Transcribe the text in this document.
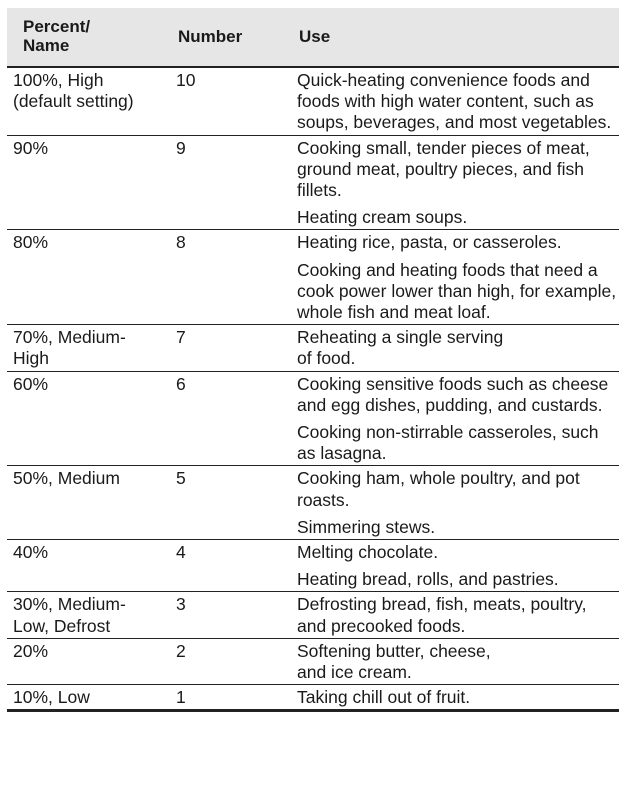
Percent/
Name	Number	Use
100%, High
(default setting)	10	Quick-heating convenience foods and foods with high water content, such as soups, beverages, and most vegetables.

90%	9	Cooking small, tender pieces of meat, ground meat, poultry pieces, and fish fillets.
Heating cream soups.

80%	8	Heating rice, pasta, or casseroles.
Cooking and heating foods that need a cook power lower than high, for example, whole fish and meat loaf.

70%, Medium-
High	7	Reheating a single serving
of food.

60%	6	Cooking sensitive foods such as cheese and egg dishes, pudding, and custards.
Cooking non-stirrable casseroles, such as lasagna.

50%, Medium	5	Cooking ham, whole poultry, and pot roasts.
Simmering stews.

40%	4	Melting chocolate.
Heating bread, rolls, and pastries.

30%, Medium-
Low, Defrost	3	Defrosting bread, fish, meats, poultry, and precooked foods.

20%	2	Softening butter, cheese,
and ice cream.

10%, Low	1	Taking chill out of fruit.
